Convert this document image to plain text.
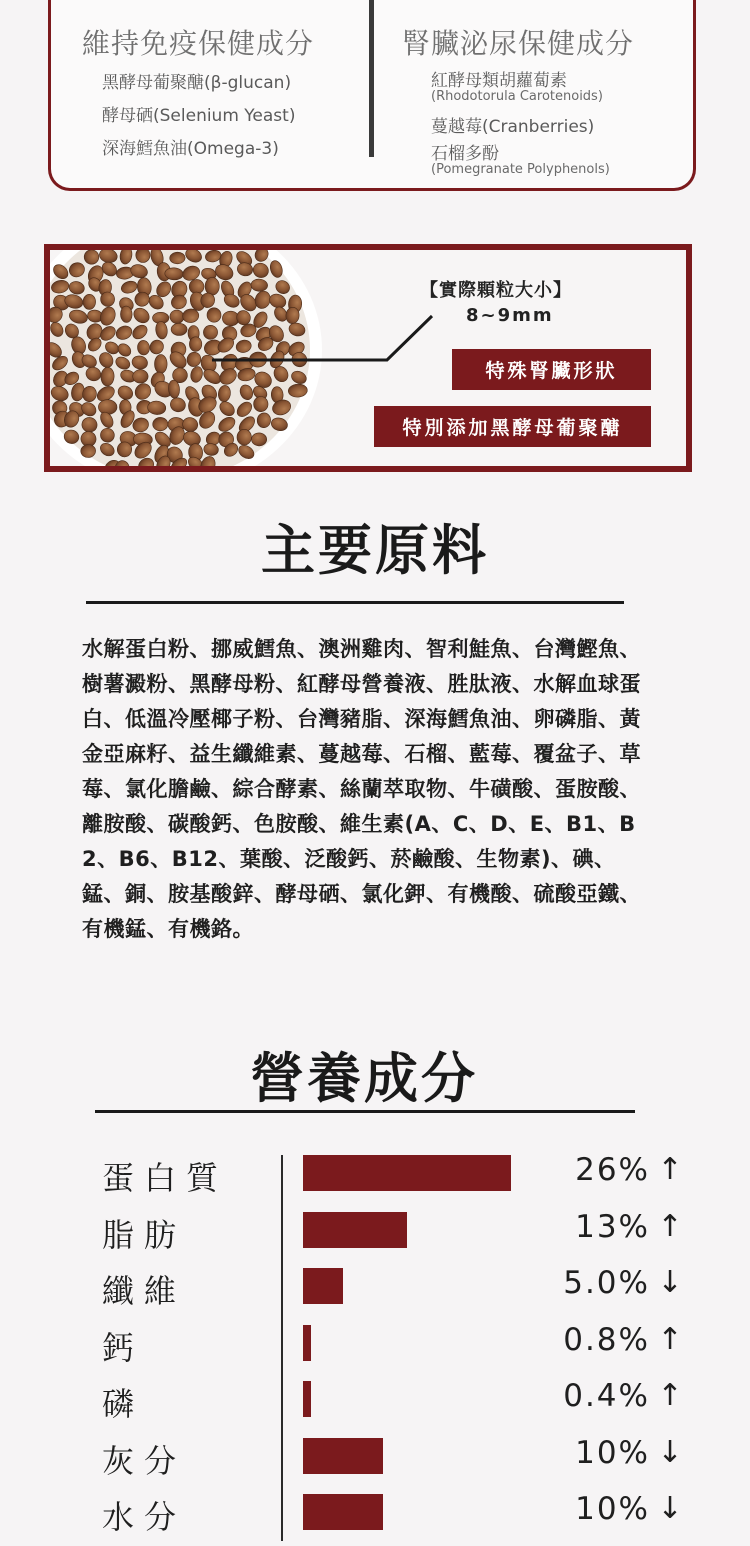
維持免疫保健成分
黑酵母葡聚醣(β-glucan)
酵母硒(Selenium Yeast)
深海鱈魚油(Omega-3)
腎臟泌尿保健成分
紅酵母類胡蘿蔔素
(Rhodotorula Carotenoids)
蔓越莓(Cranberries)
石榴多酚
(Pomegranate Polyphenols)
【實際顆粒大小】
8~9mm
特殊腎臟形狀
特別添加黑酵母葡聚醣
主要原料
水解蛋白粉、挪威鱈魚、澳洲雞肉、智利鮭魚、台灣鰹魚、樹薯澱粉、黑酵母粉、紅酵母營養液、胜肽液、水解血球蛋白、低溫冷壓椰子粉、台灣豬脂、深海鱈魚油、卵磷脂、黃金亞麻籽、益生纖維素、蔓越莓、石榴、藍莓、覆盆子、草莓、氯化膽鹼、綜合酵素、絲蘭萃取物、牛磺酸、蛋胺酸、離胺酸、碳酸鈣、色胺酸、維生素(A、C、D、E、B1、B2、B6、B12、葉酸、泛酸鈣、菸鹼酸、生物素)、碘、錳、銅、胺基酸鋅、酵母硒、氯化鉀、有機酸、硫酸亞鐵、有機錳、有機鉻。
營養成分
蛋白質	26% ↑
脂肪	13% ↑
纖維	5.0% ↓
鈣	0.8% ↑
磷	0.4% ↑
灰分	10% ↓
水分	10% ↓
